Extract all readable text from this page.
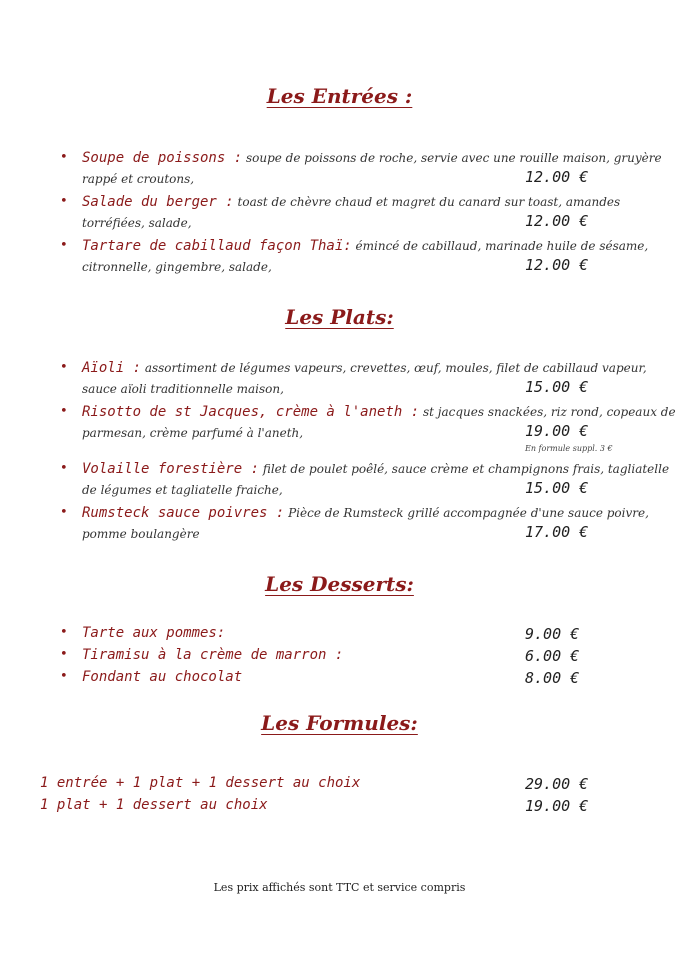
Les Entrées :
• Soupe de poissons : soupe de poissons de roche, servie avec une rouille maison, gruyère
rappé et croutons,	12.00 €
• Salade du berger : toast de chèvre chaud et magret du canard sur toast, amandes
torréfiées, salade,	12.00 €
• Tartare de cabillaud façon Thaï: émincé de cabillaud, marinade huile de sésame,
citronnelle, gingembre, salade,	12.00 €
Les Plats:
• Aïoli : assortiment de légumes vapeurs, crevettes, œuf, moules, filet de cabillaud vapeur,
sauce aïoli traditionnelle maison,	15.00 €
• Risotto de st Jacques, crème à l'aneth : st jacques snackées, riz rond, copeaux de
parmesan, crème parfumé à l'aneth,	19.00 €
En formule suppl. 3 €
• Volaille forestière : filet de poulet poêlé, sauce crème et champignons frais, tagliatelle
de légumes et tagliatelle fraiche,	15.00 €
• Rumsteck sauce poivres : Pièce de Rumsteck grillé accompagnée d'une sauce poivre,
pomme boulangère	17.00 €
Les Desserts:
• Tarte aux pommes:	9.00 €
• Tiramisu à la crème de marron :	6.00 €
• Fondant au chocolat	8.00 €
Les Formules:
1 entrée + 1 plat + 1 dessert au choix	29.00 €
1 plat + 1 dessert au choix	19.00 €
Les prix affichés sont TTC et service compris
